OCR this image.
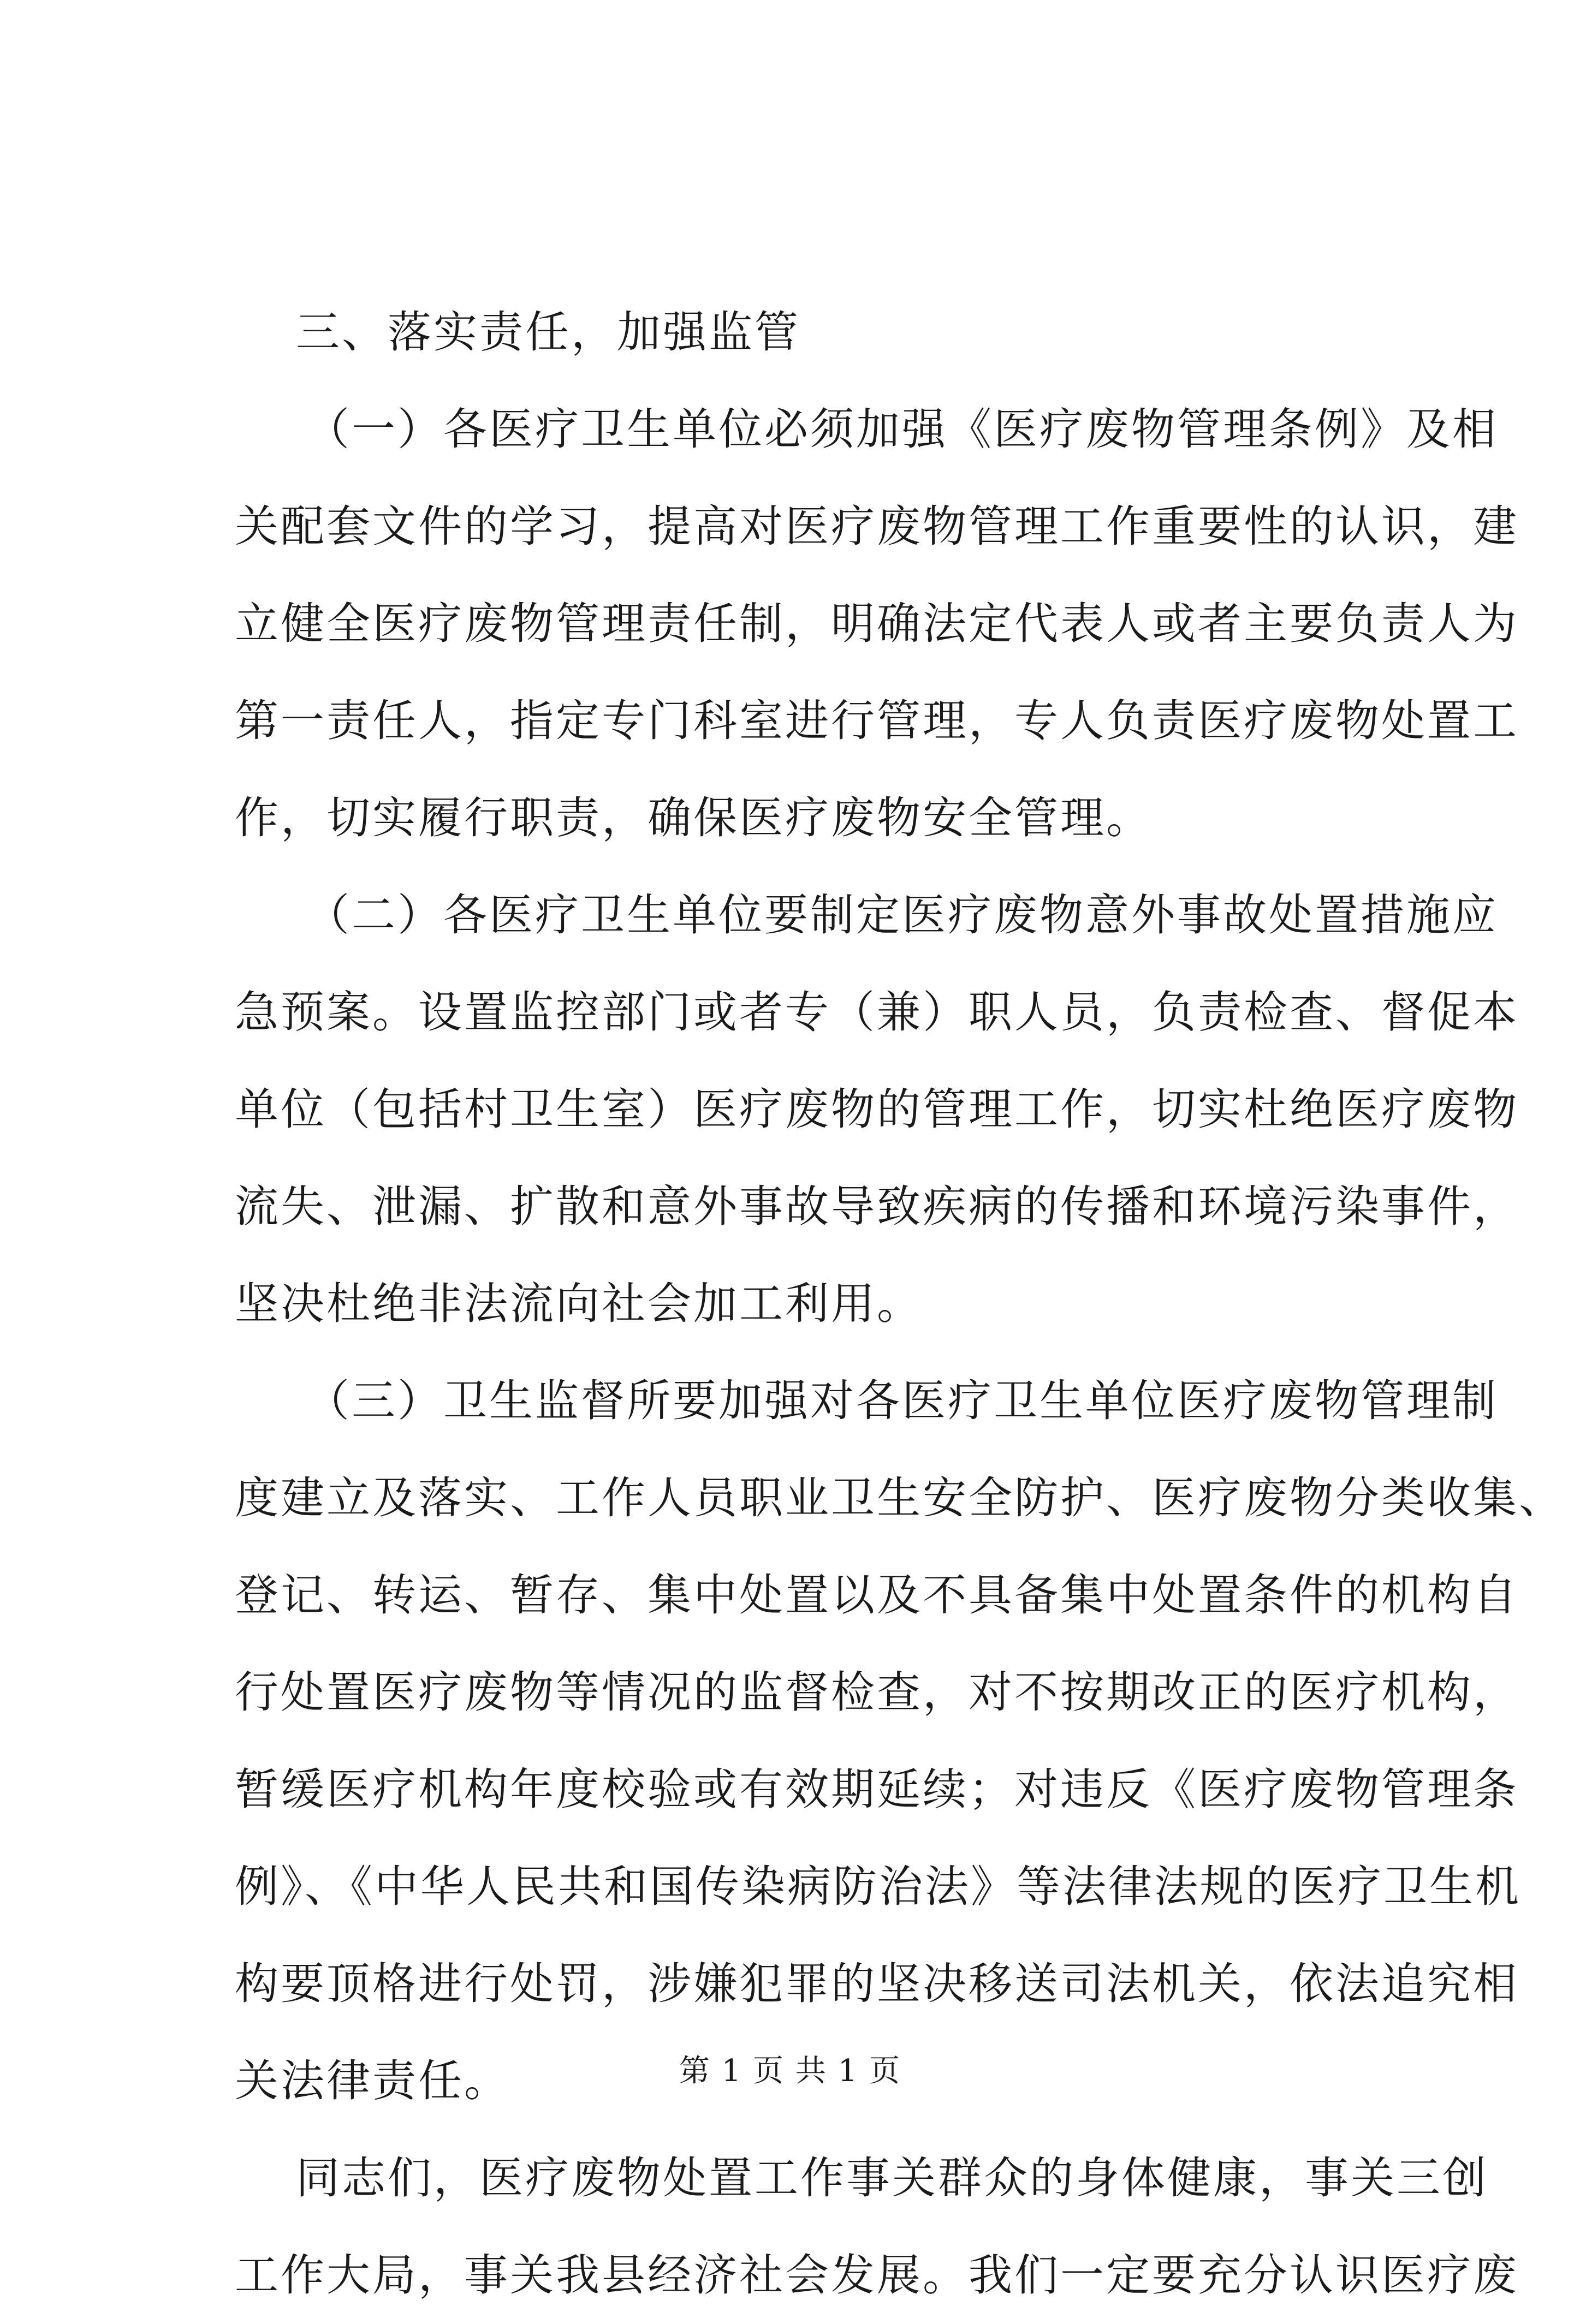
三、落实责任，加强监管
（一）各医疗卫生单位必须加强《医疗废物管理条例》及相
关配套文件的学习，提高对医疗废物管理工作重要性的认识，建
立健全医疗废物管理责任制，明确法定代表人或者主要负责人为
第一责任人，指定专门科室进行管理，专人负责医疗废物处置工
作，切实履行职责，确保医疗废物安全管理。
（二）各医疗卫生单位要制定医疗废物意外事故处置措施应
急预案。设置监控部门或者专（兼）职人员，负责检查、督促本
单位（包括村卫生室）医疗废物的管理工作，切实杜绝医疗废物
流失、泄漏、扩散和意外事故导致疾病的传播和环境污染事件，
坚决杜绝非法流向社会加工利用。
（三）卫生监督所要加强对各医疗卫生单位医疗废物管理制
度建立及落实、工作人员职业卫生安全防护、医疗废物分类收集、
登记、转运、暂存、集中处置以及不具备集中处置条件的机构自
行处置医疗废物等情况的监督检查，对不按期改正的医疗机构，
暂缓医疗机构年度校验或有效期延续；对违反《医疗废物管理条
例》、《中华人民共和国传染病防治法》等法律法规的医疗卫生机
构要顶格进行处罚，涉嫌犯罪的坚决移送司法机关，依法追究相
关法律责任。
同志们，医疗废物处置工作事关群众的身体健康，事关三创
工作大局，事关我县经济社会发展。我们一定要充分认识医疗废
第 1 页 共 1 页
